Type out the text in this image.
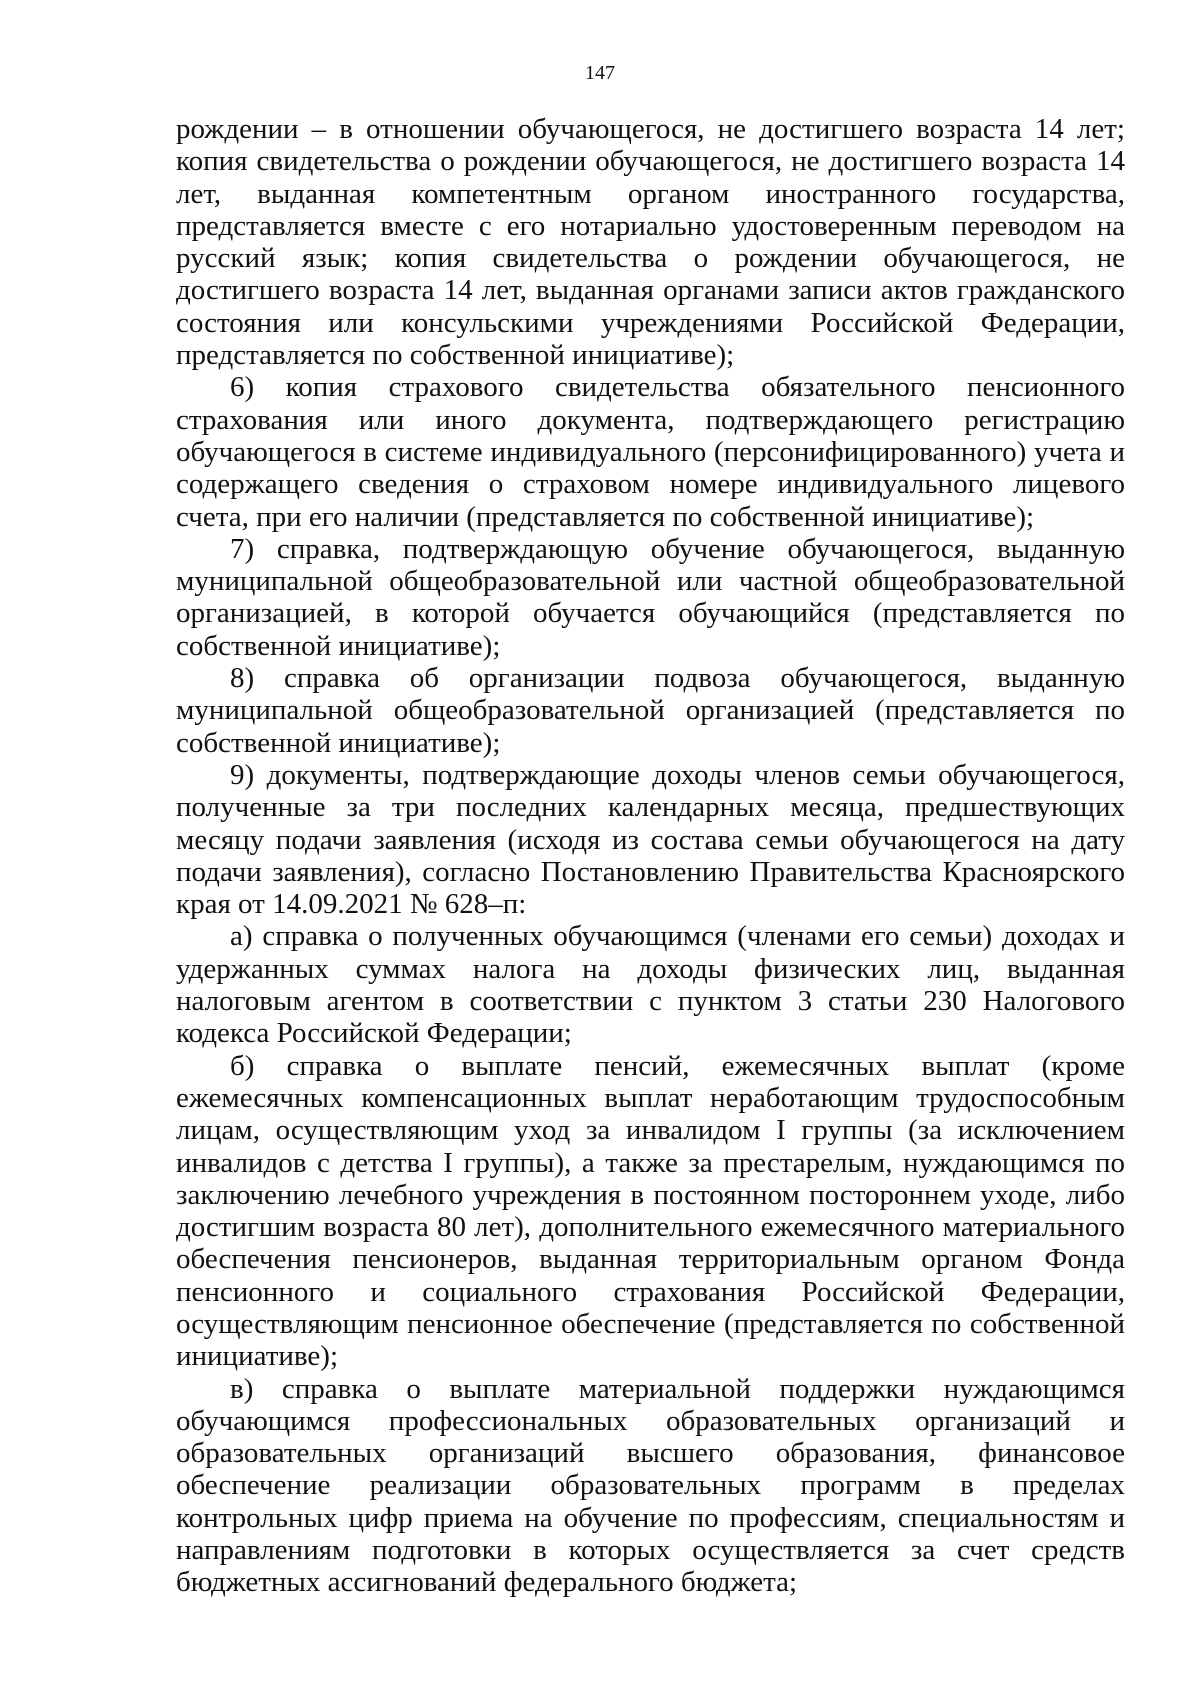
147

рождении – в отношении обучающегося, не достигшего возраста 14 лет; копия свидетельства о рождении обучающегося, не достигшего возраста 14 лет, выданная компетентным органом иностранного государства, представляется вместе с его нотариально удостоверенным переводом на русский язык; копия свидетельства о рождении обучающегося, не достигшего возраста 14 лет, выданная органами записи актов гражданского состояния или консульскими учреждениями Российской Федерации, представляется по собственной инициативе);

6) копия страхового свидетельства обязательного пенсионного страхования или иного документа, подтверждающего регистрацию обучающегося в системе индивидуального (персонифицированного) учета и содержащего сведения о страховом номере индивидуального лицевого счета, при его наличии (представляется по собственной инициативе);

7) справка, подтверждающую обучение обучающегося, выданную муниципальной общеобразовательной или частной общеобразовательной организацией, в которой обучается обучающийся (представляется по собственной инициативе);

8) справка об организации подвоза обучающегося, выданную муниципальной общеобразовательной организацией (представляется по собственной инициативе);

9) документы, подтверждающие доходы членов семьи обучающегося, полученные за три последних календарных месяца, предшествующих месяцу подачи заявления (исходя из состава семьи обучающегося на дату подачи заявления), согласно Постановлению Правительства Красноярского края от 14.09.2021 № 628–п:

а) справка о полученных обучающимся (членами его семьи) доходах и удержанных суммах налога на доходы физических лиц, выданная налоговым агентом в соответствии с пунктом 3 статьи 230 Налогового кодекса Российской Федерации;

б) справка о выплате пенсий, ежемесячных выплат (кроме ежемесячных компенсационных выплат неработающим трудоспособным лицам, осуществляющим уход за инвалидом I группы (за исключением инвалидов с детства I группы), а также за престарелым, нуждающимся по заключению лечебного учреждения в постоянном постороннем уходе, либо достигшим возраста 80 лет), дополнительного ежемесячного материального обеспечения пенсионеров, выданная территориальным органом Фонда пенсионного и социального страхования Российской Федерации, осуществляющим пенсионное обеспечение (представляется по собственной инициативе);

в) справка о выплате материальной поддержки нуждающимся обучающимся профессиональных образовательных организаций и образовательных организаций высшего образования, финансовое обеспечение реализации образовательных программ в пределах контрольных цифр приема на обучение по профессиям, специальностям и направлениям подготовки в которых осуществляется за счет средств бюджетных ассигнований федерального бюджета;
